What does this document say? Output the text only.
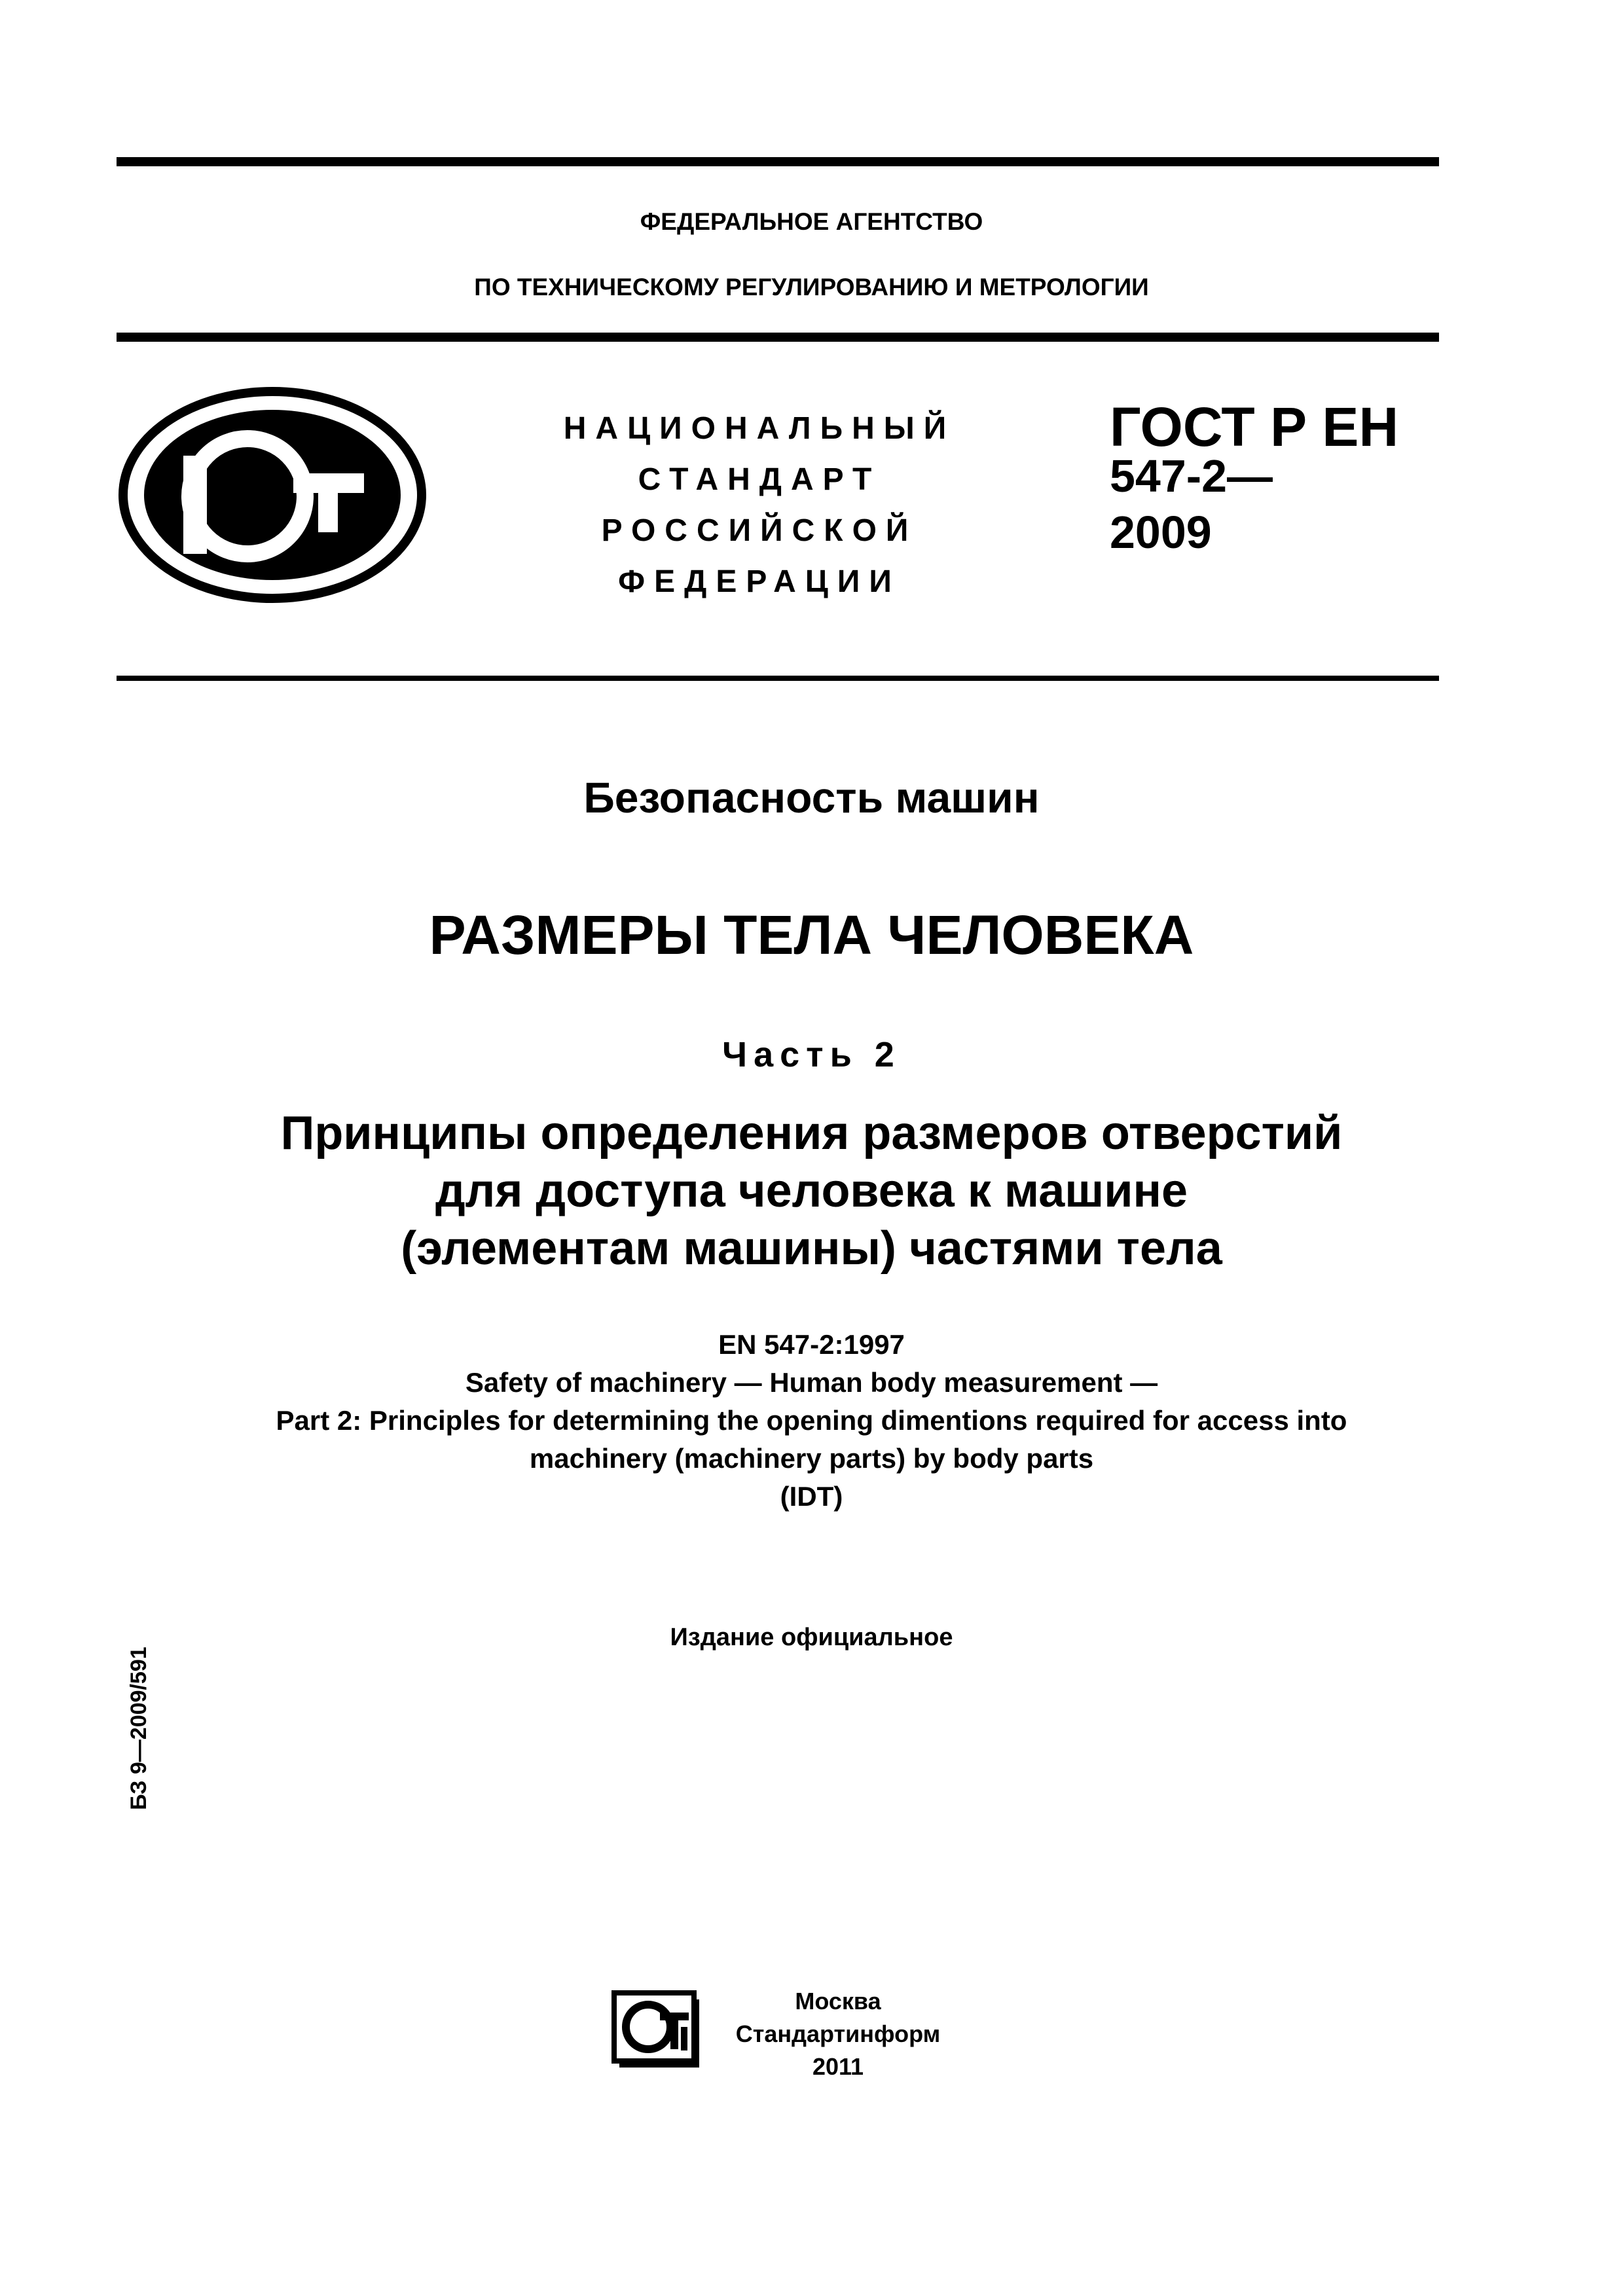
ФЕДЕРАЛЬНОЕ АГЕНТСТВО
ПО ТЕХНИЧЕСКОМУ РЕГУЛИРОВАНИЮ И МЕТРОЛОГИИ
НАЦИОНАЛЬНЫЙ
СТАНДАРТ
РОССИЙСКОЙ
ФЕДЕРАЦИИ
ГОСТ Р ЕН
547-2—
2009
Безопасность машин
РАЗМЕРЫ ТЕЛА ЧЕЛОВЕКА
Часть 2
Принципы определения размеров отверстий
для доступа человека к машине
(элементам машины) частями тела
EN 547-2:1997
Safety of machinery — Human body measurement —
Part 2: Principles for determining the opening dimentions required for access into
machinery (machinery parts) by body parts
(IDT)
Издание официальное
БЗ 9—2009/591
Москва
Стандартинформ
2011
